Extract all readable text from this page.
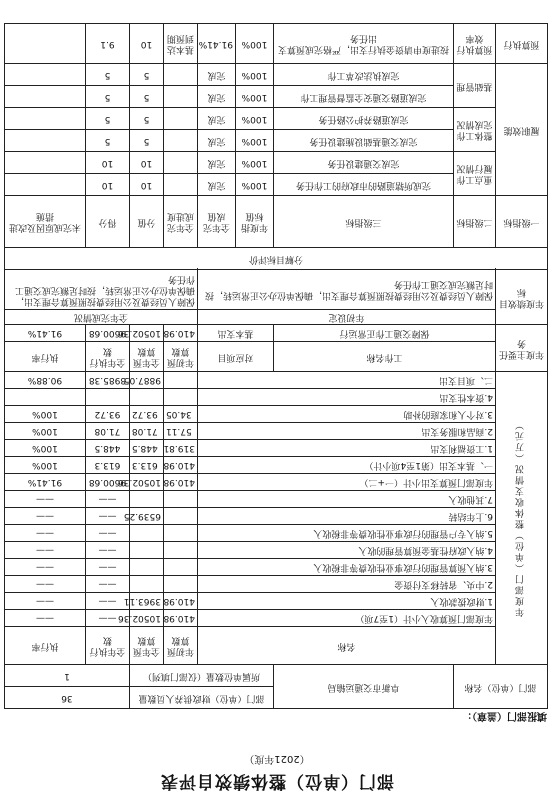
部门（单位）整体绩效自评表
（2021年度）
填报部门（盖章）：
部门（单位）名称		阜新市交通运输局	部门（单位）财政供养人员数量				36	
			所属单位数量（仅部门填列）				1	
年度部门（单位）整体收支情况（万元）	名称				年初预算数	全年预算数	全年执行数	执行率
	年度部门预算收入小计（1至7项）				410.98	10502.36	——	——
	1.财政拨款收入				410.98	3963.11	——	——
	2.中央、省转移支付资金						——	——
	3.纳入预算管理的行政事业性收费等非税收入						——	——
	4.纳入政府性基金预算管理的收入						——	——
	5.纳入专户管理的行政事业性收费等非税收入						——	——
	6.上年结转					6539.25	——	——
	7.其他收入						——	——
	年度部门预算支出小计（一+二）				410.98	10502.36	9600.68	91.41%
	一、基本支出（第1至4项小计）				410.98	613.3	613.3	100%
	1.工资福利支出				319.81	448.5	448.5	100%
	2.商品和服务支出				57.11	71.08	71.08	100%
	3.对个人和家庭的补助				34.05	93.72	93.72	100%
	4.资本性支出							
	二、项目支出					9887.05	8985.38	90.88%
年度主要任务	工作名称		对应项目		年初预算数	全年预算数	全年执行数	执行率
	保障交通工作正常运行		基本支出		410.98	10502.36	9600.68	91.41%
年度绩效目标	年初设定				全年完成情况			
	保障人员经费及公用经费按照预算合理支出，确保单位办公正常运转，按时足额完成交通工作任务				保障人员经费及公用经费按照预算合理支出，确保单位办公正常运转，按时足额完成交通工作任务			

分解目标评价								
一级指标	二级指标	三级指标	年度指标值	全年完成值	全年完成进度	分值	得分	未完成原因及改进措施
履职效能	重点工作履行情况	完成所辖道路的市政府的工作任务	100%	完成		10	10	
		完成交通建设任务	100%	完成		10	10	
	整体工作完成情况	完成交通基础设施建设任务	100%	完成		5	5	
		完成道路养护公路任务	100%	完成		5	5	
	基础管理	完成道路交通安全监督管理工作	100%	完成		5	5	
		完成执法改革工作	100%	完成		5	5	
预算执行	预算执行效率	按进度申请资金执行支出，严格完成预算支出任务	100%	91.41%	基本达到预期	10	9.1	
